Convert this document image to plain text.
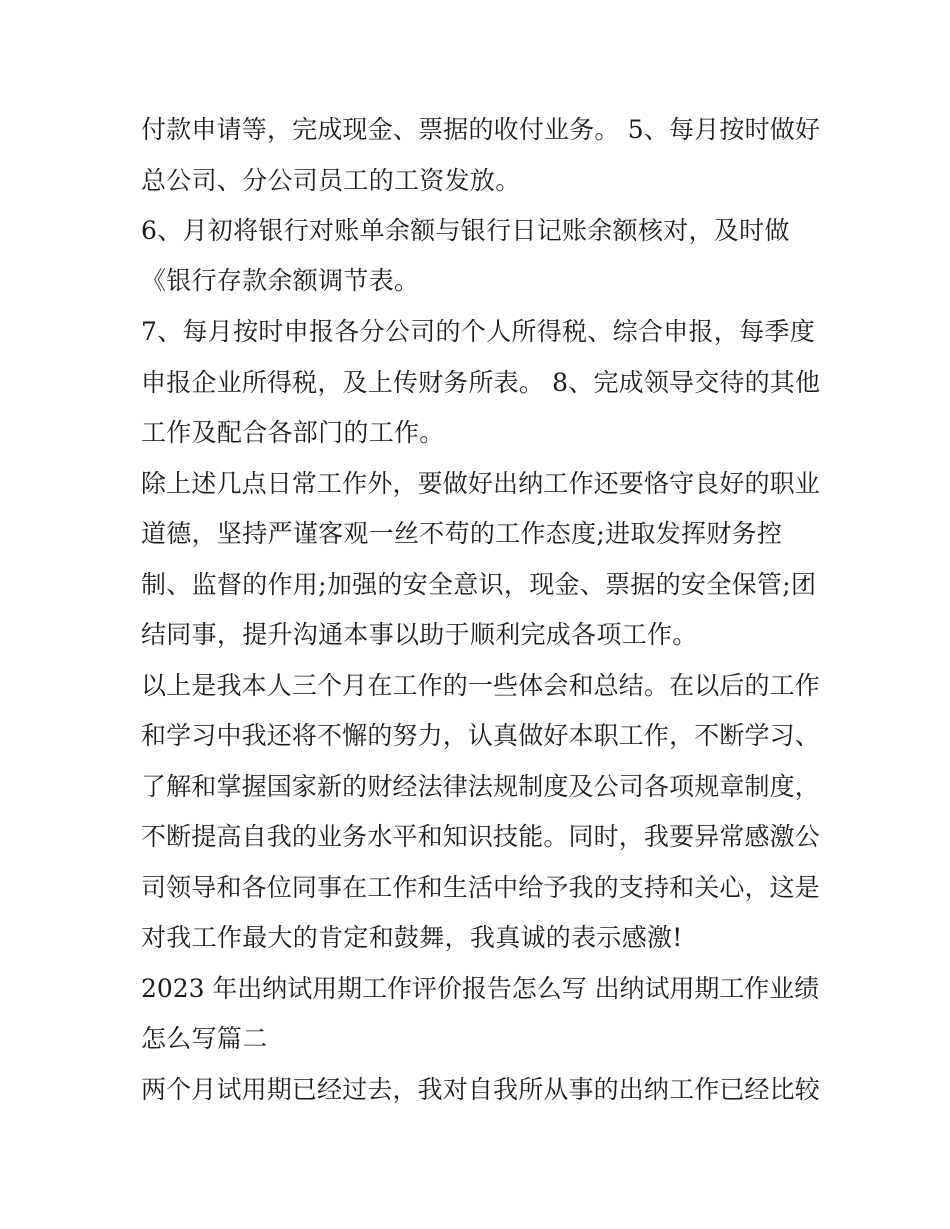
付款申请等，完成现金、票据的收付业务。 5、每月按时做好
总公司、分公司员工的工资发放。
6、月初将银行对账单余额与银行日记账余额核对，及时做
《银行存款余额调节表。
7、每月按时申报各分公司的个人所得税、综合申报，每季度
申报企业所得税，及上传财务所表。 8、完成领导交待的其他
工作及配合各部门的工作。
除上述几点日常工作外，要做好出纳工作还要恪守良好的职业
道德，坚持严谨客观一丝不苟的工作态度;进取发挥财务控
制、监督的作用;加强的安全意识，现金、票据的安全保管;团
结同事，提升沟通本事以助于顺利完成各项工作。
以上是我本人三个月在工作的一些体会和总结。在以后的工作
和学习中我还将不懈的努力，认真做好本职工作，不断学习、
了解和掌握国家新的财经法律法规制度及公司各项规章制度，
不断提高自我的业务水平和知识技能。同时，我要异常感激公
司领导和各位同事在工作和生活中给予我的支持和关心，这是
对我工作最大的肯定和鼓舞，我真诚的表示感激!
2023 年出纳试用期工作评价报告怎么写 出纳试用期工作业绩
怎么写篇二
两个月试用期已经过去，我对自我所从事的出纳工作已经比较
